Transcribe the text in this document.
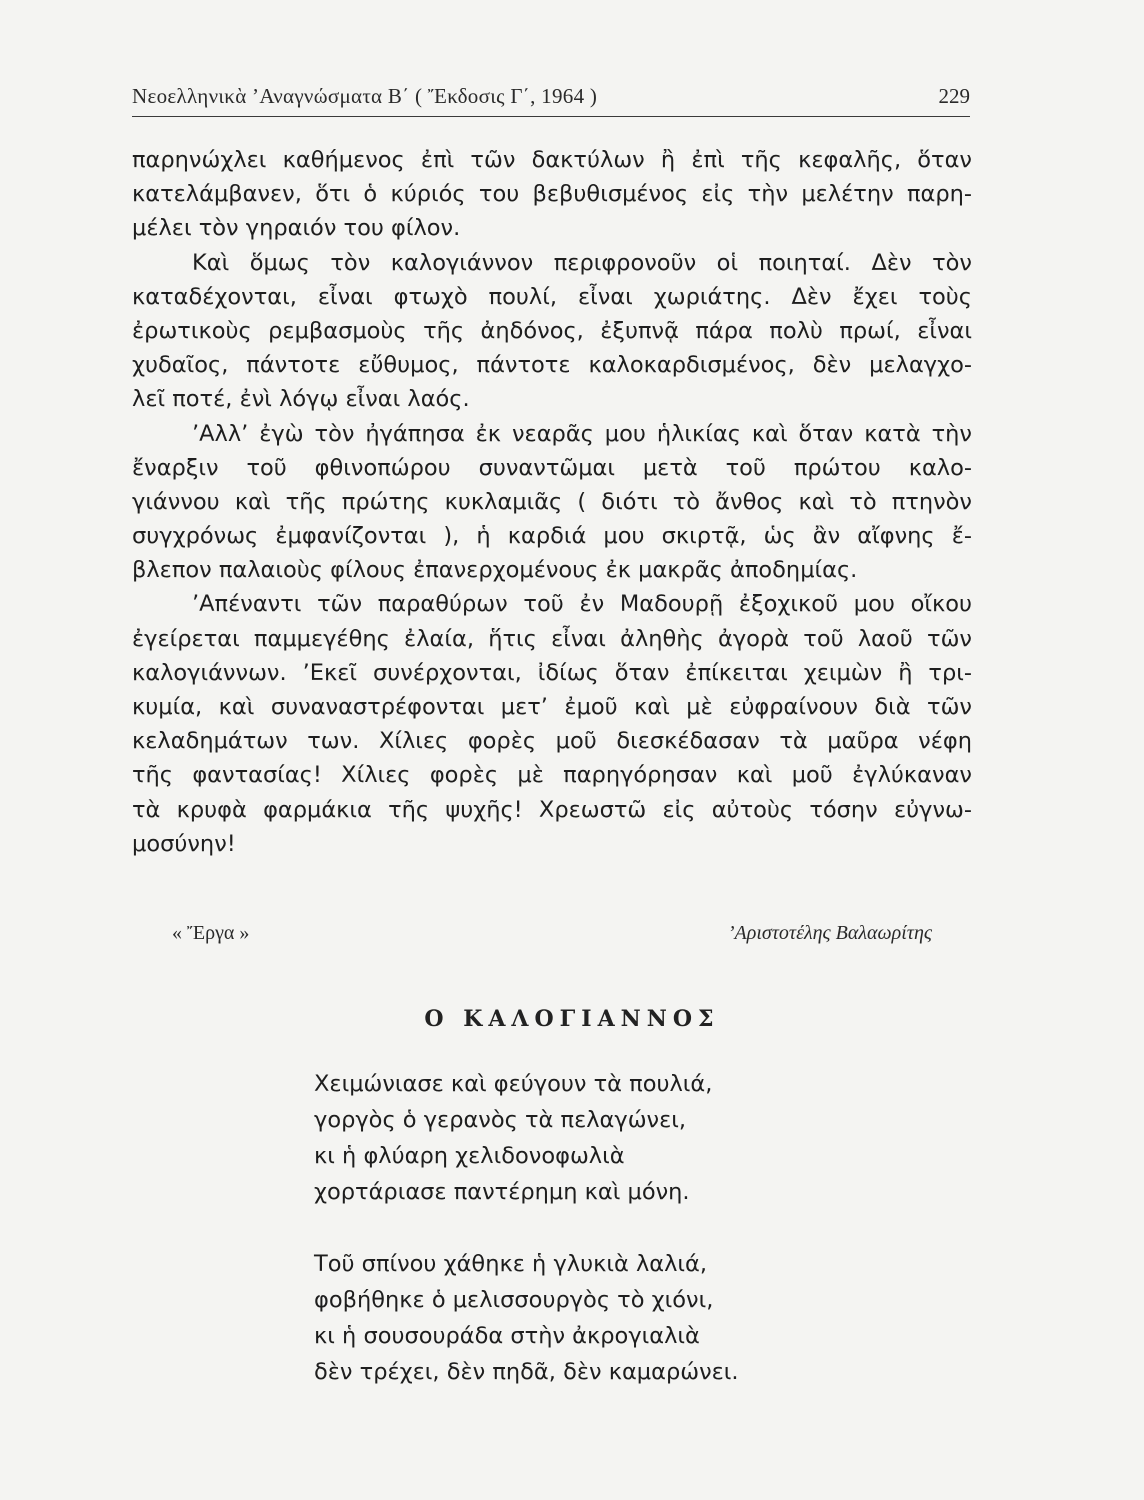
Νεοελληνικὰ ’Αναγνώσματα Β΄ ( Ἔκδοσις Γ΄, 1964 )	229
παρηνώχλει καθήμενος ἐπὶ τῶν δακτύλων ἢ ἐπὶ τῆς κεφαλῆς, ὅταν
κατελάμβανεν, ὅτι ὁ κύριός του βεβυθισμένος εἰς τὴν μελέτην παρη-
μέλει τὸν γηραιόν του φίλον.
Καὶ ὅμως τὸν καλογιάννον περιφρονοῦν οἱ ποιηταί. Δὲν τὸν
καταδέχονται, εἶναι φτωχὸ πουλί, εἶναι χωριάτης. Δὲν ἔχει τοὺς
ἐρωτικοὺς ρεμβασμοὺς τῆς ἀηδόνος, ἐξυπνᾷ πάρα πολὺ πρωί, εἶναι
χυδαῖος, πάντοτε εὔθυμος, πάντοτε καλοκαρδισμένος, δὲν μελαγχο-
λεῖ ποτέ, ἐνὶ λόγῳ εἶναι λαός.
’Αλλ’ ἐγὼ τὸν ἠγάπησα ἐκ νεαρᾶς μου ἡλικίας καὶ ὅταν κατὰ τὴν
ἔναρξιν τοῦ φθινοπώρου συναντῶμαι μετὰ τοῦ πρώτου καλο-
γιάννου καὶ τῆς πρώτης κυκλαμιᾶς ( διότι τὸ ἄνθος καὶ τὸ πτηνὸν
συγχρόνως ἐμφανίζονται ), ἡ καρδιά μου σκιρτᾷ, ὡς ἂν αἴφνης ἔ-
βλεπον παλαιοὺς φίλους ἐπανερχομένους ἐκ μακρᾶς ἀποδημίας.
’Απέναντι τῶν παραθύρων τοῦ ἐν Μαδουρῇ ἐξοχικοῦ μου οἴκου
ἐγείρεται παμμεγέθης ἐλαία, ἥτις εἶναι ἀληθὴς ἀγορὰ τοῦ λαοῦ τῶν
καλογιάννων. ’Εκεῖ συνέρχονται, ἰδίως ὅταν ἐπίκειται χειμὼν ἢ τρι-
κυμία, καὶ συναναστρέφονται μετ’ ἐμοῦ καὶ μὲ εὐφραίνουν διὰ τῶν
κελαδημάτων των. Χίλιες φορὲς μοῦ διεσκέδασαν τὰ μαῦρα νέφη
τῆς φαντασίας! Χίλιες φορὲς μὲ παρηγόρησαν καὶ μοῦ ἐγλύκαναν
τὰ κρυφὰ φαρμάκια τῆς ψυχῆς! Χρεωστῶ εἰς αὐτοὺς τόσην εὐγνω-
μοσύνην!
« Ἔργα »	’Αριστοτέλης Βαλαωρίτης
Ο ΚΑΛΟΓΙΑΝΝΟΣ
Χειμώνιασε καὶ φεύγουν τὰ πουλιά,
γοργὸς ὁ γερανὸς τὰ πελαγώνει,
κι ἡ φλύαρη χελιδονοφωλιὰ
χορτάριασε παντέρημη καὶ μόνη.
Τοῦ σπίνου χάθηκε ἡ γλυκιὰ λαλιά,
φοβήθηκε ὁ μελισσουργὸς τὸ χιόνι,
κι ἡ σουσουράδα στὴν ἀκρογιαλιὰ
δὲν τρέχει, δὲν πηδᾶ, δὲν καμαρώνει.
